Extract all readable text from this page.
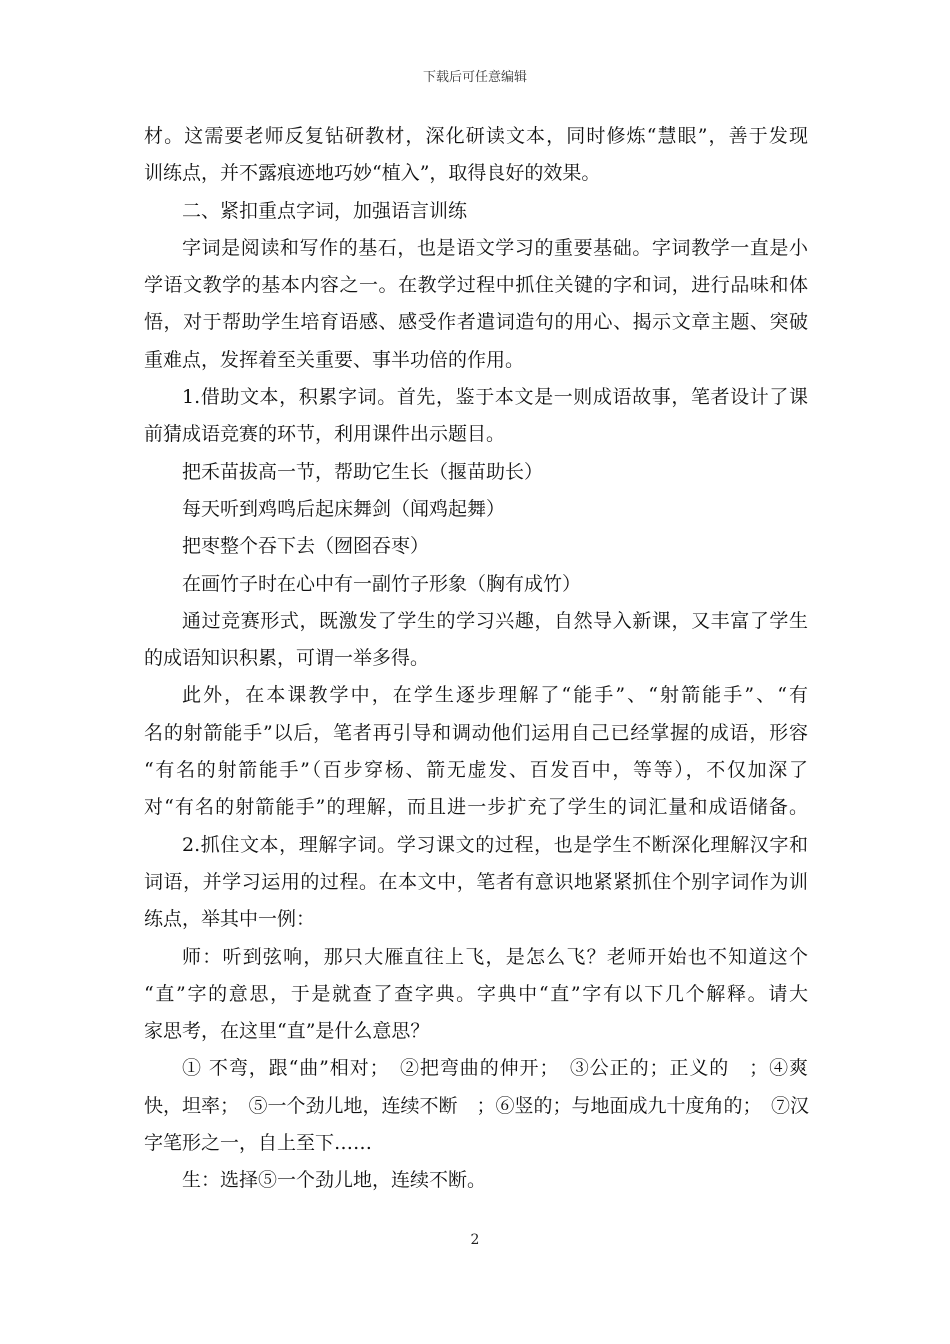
下载后可任意编辑
材。这需要老师反复钻研教材，深化研读文本，同时修炼“慧眼”，善于发现
训练点，并不露痕迹地巧妙“植入”，取得良好的效果。
二、紧扣重点字词，加强语言训练
字词是阅读和写作的基石，也是语文学习的重要基础。字词教学一直是小
学语文教学的基本内容之一。在教学过程中抓住关键的字和词，进行品味和体
悟，对于帮助学生培育语感、感受作者遣词造句的用心、揭示文章主题、突破
重难点，发挥着至关重要、事半功倍的作用。
1.借助文本，积累字词。首先，鉴于本文是一则成语故事，笔者设计了课
前猜成语竞赛的环节，利用课件出示题目。
把禾苗拔高一节，帮助它生长（揠苗助长）
每天听到鸡鸣后起床舞剑（闻鸡起舞）
把枣整个吞下去（囫囵吞枣）
在画竹子时在心中有一副竹子形象（胸有成竹）
通过竞赛形式，既激发了学生的学习兴趣，自然导入新课，又丰富了学生
的成语知识积累，可谓一举多得。
此外，在本课教学中，在学生逐步理解了“能手”、“射箭能手”、“有
名的射箭能手”以后，笔者再引导和调动他们运用自己已经掌握的成语，形容
“有名的射箭能手”（百步穿杨、箭无虚发、百发百中，等等），不仅加深了
对“有名的射箭能手”的理解，而且进一步扩充了学生的词汇量和成语储备。
2.抓住文本，理解字词。学习课文的过程，也是学生不断深化理解汉字和
词语，并学习运用的过程。在本文中，笔者有意识地紧紧抓住个别字词作为训
练点，举其中一例：
师：听到弦响，那只大雁直往上飞，是怎么飞？老师开始也不知道这个
“直”字的意思，于是就查了查字典。字典中“直”字有以下几个解释。请大
家思考，在这里“直”是什么意思？
① 不弯，跟“曲”相对；　②把弯曲的伸开；　③公正的；正义的　；④爽
快，坦率；　⑤一个劲儿地，连续不断　；⑥竖的；与地面成九十度角的；　⑦汉
字笔形之一，自上至下……
生：选择⑤一个劲儿地，连续不断。
2
